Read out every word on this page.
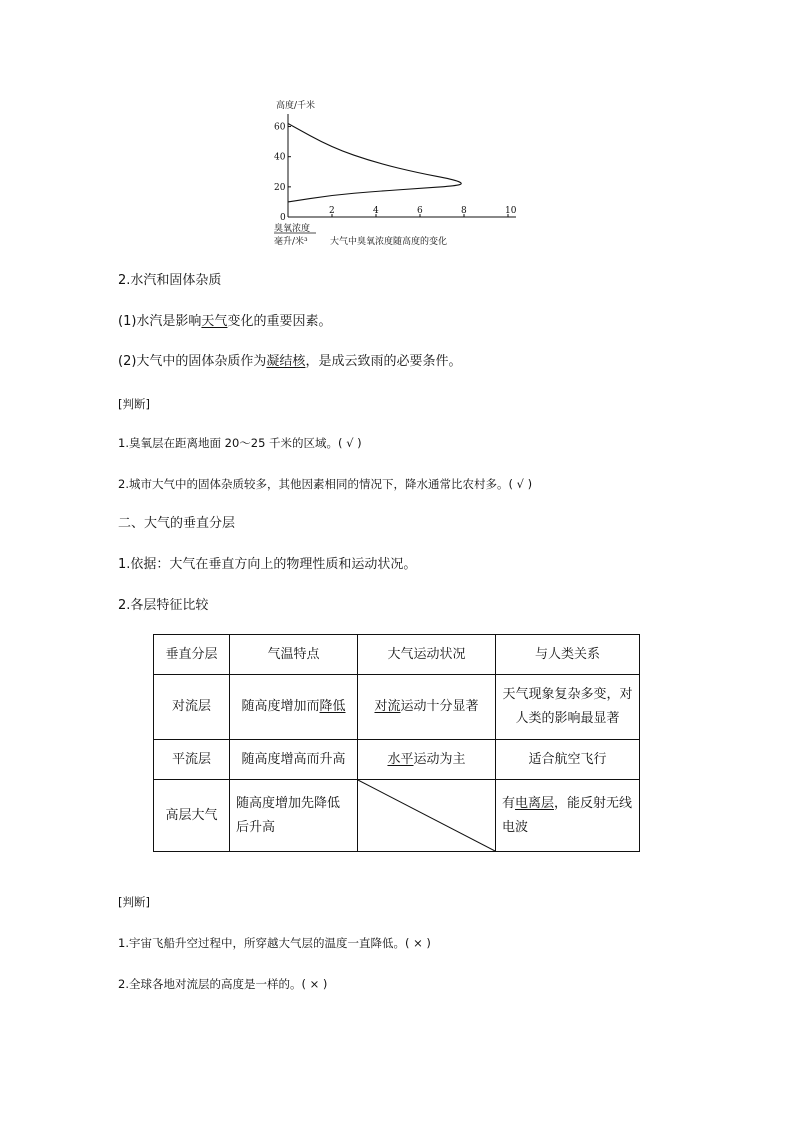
高度/千米
2	4	6	8	10
0
20
40
60
臭氧浓度
毫升/米³ 大气中臭氧浓度随高度的变化
2.水汽和固体杂质
(1)水汽是影响天气变化的重要因素。
(2)大气中的固体杂质作为凝结核，是成云致雨的必要条件。
[判断]
1.臭氧层在距离地面 20～25 千米的区域。( √ )
2.城市大气中的固体杂质较多，其他因素相同的情况下，降水通常比农村多。( √ )
二、大气的垂直分层
1.依据：大气在垂直方向上的物理性质和运动状况。
2.各层特征比较
垂直分层	气温特点	大气运动状况	与人类关系
对流层	随高度增加而降低	对流运动十分显著	天气现象复杂多变，对人类的影响最显著
平流层	随高度增高而升高	水平运动为主	适合航空飞行
高层大气	随高度增加先降低后升高		有电离层，能反射无线电波
[判断]
1.宇宙飞船升空过程中，所穿越大气层的温度一直降低。( × )
2.全球各地对流层的高度是一样的。( × )
